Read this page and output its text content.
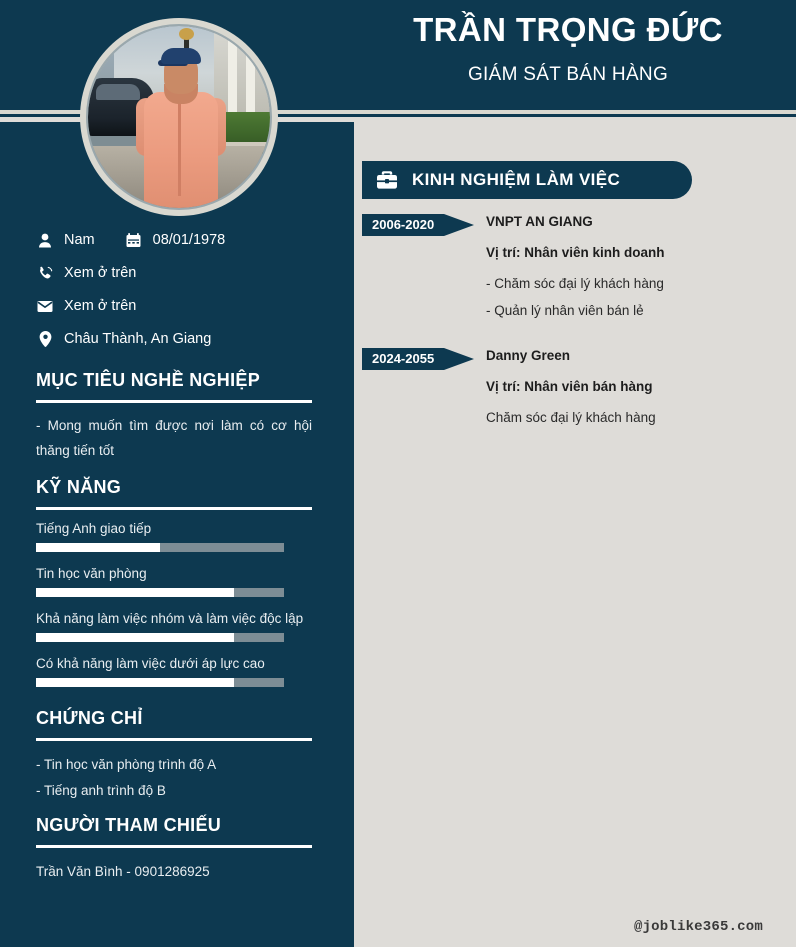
TRẦN TRỌNG ĐỨC
GIÁM SÁT BÁN HÀNG
Nam	08/01/1978
Xem ở trên
Xem ở trên
Châu Thành, An Giang
MỤC TIÊU NGHỀ NGHIỆP

- Mong muốn tìm được nơi làm có cơ hội thăng tiến tốt

KỸ NĂNG

Tiếng Anh giao tiếp

Tin học văn phòng

Khả năng làm việc nhóm và làm việc độc lập

Có khả năng làm việc dưới áp lực cao

CHỨNG CHỈ

- Tin học văn phòng trình độ A

- Tiếng anh trình độ B

NGƯỜI THAM CHIẾU

Trần Văn Bình - 0901286925

KINH NGHIỆM LÀM VIỆC
2006-2020	VNPT AN GIANG

Vị trí: Nhân viên kinh doanh

- Chăm sóc đại lý khách hàng

- Quản lý nhân viên bán lẻ

2024-2055	Danny Green

Vị trí: Nhân viên bán hàng

Chăm sóc đại lý khách hàng

@joblike365.com
